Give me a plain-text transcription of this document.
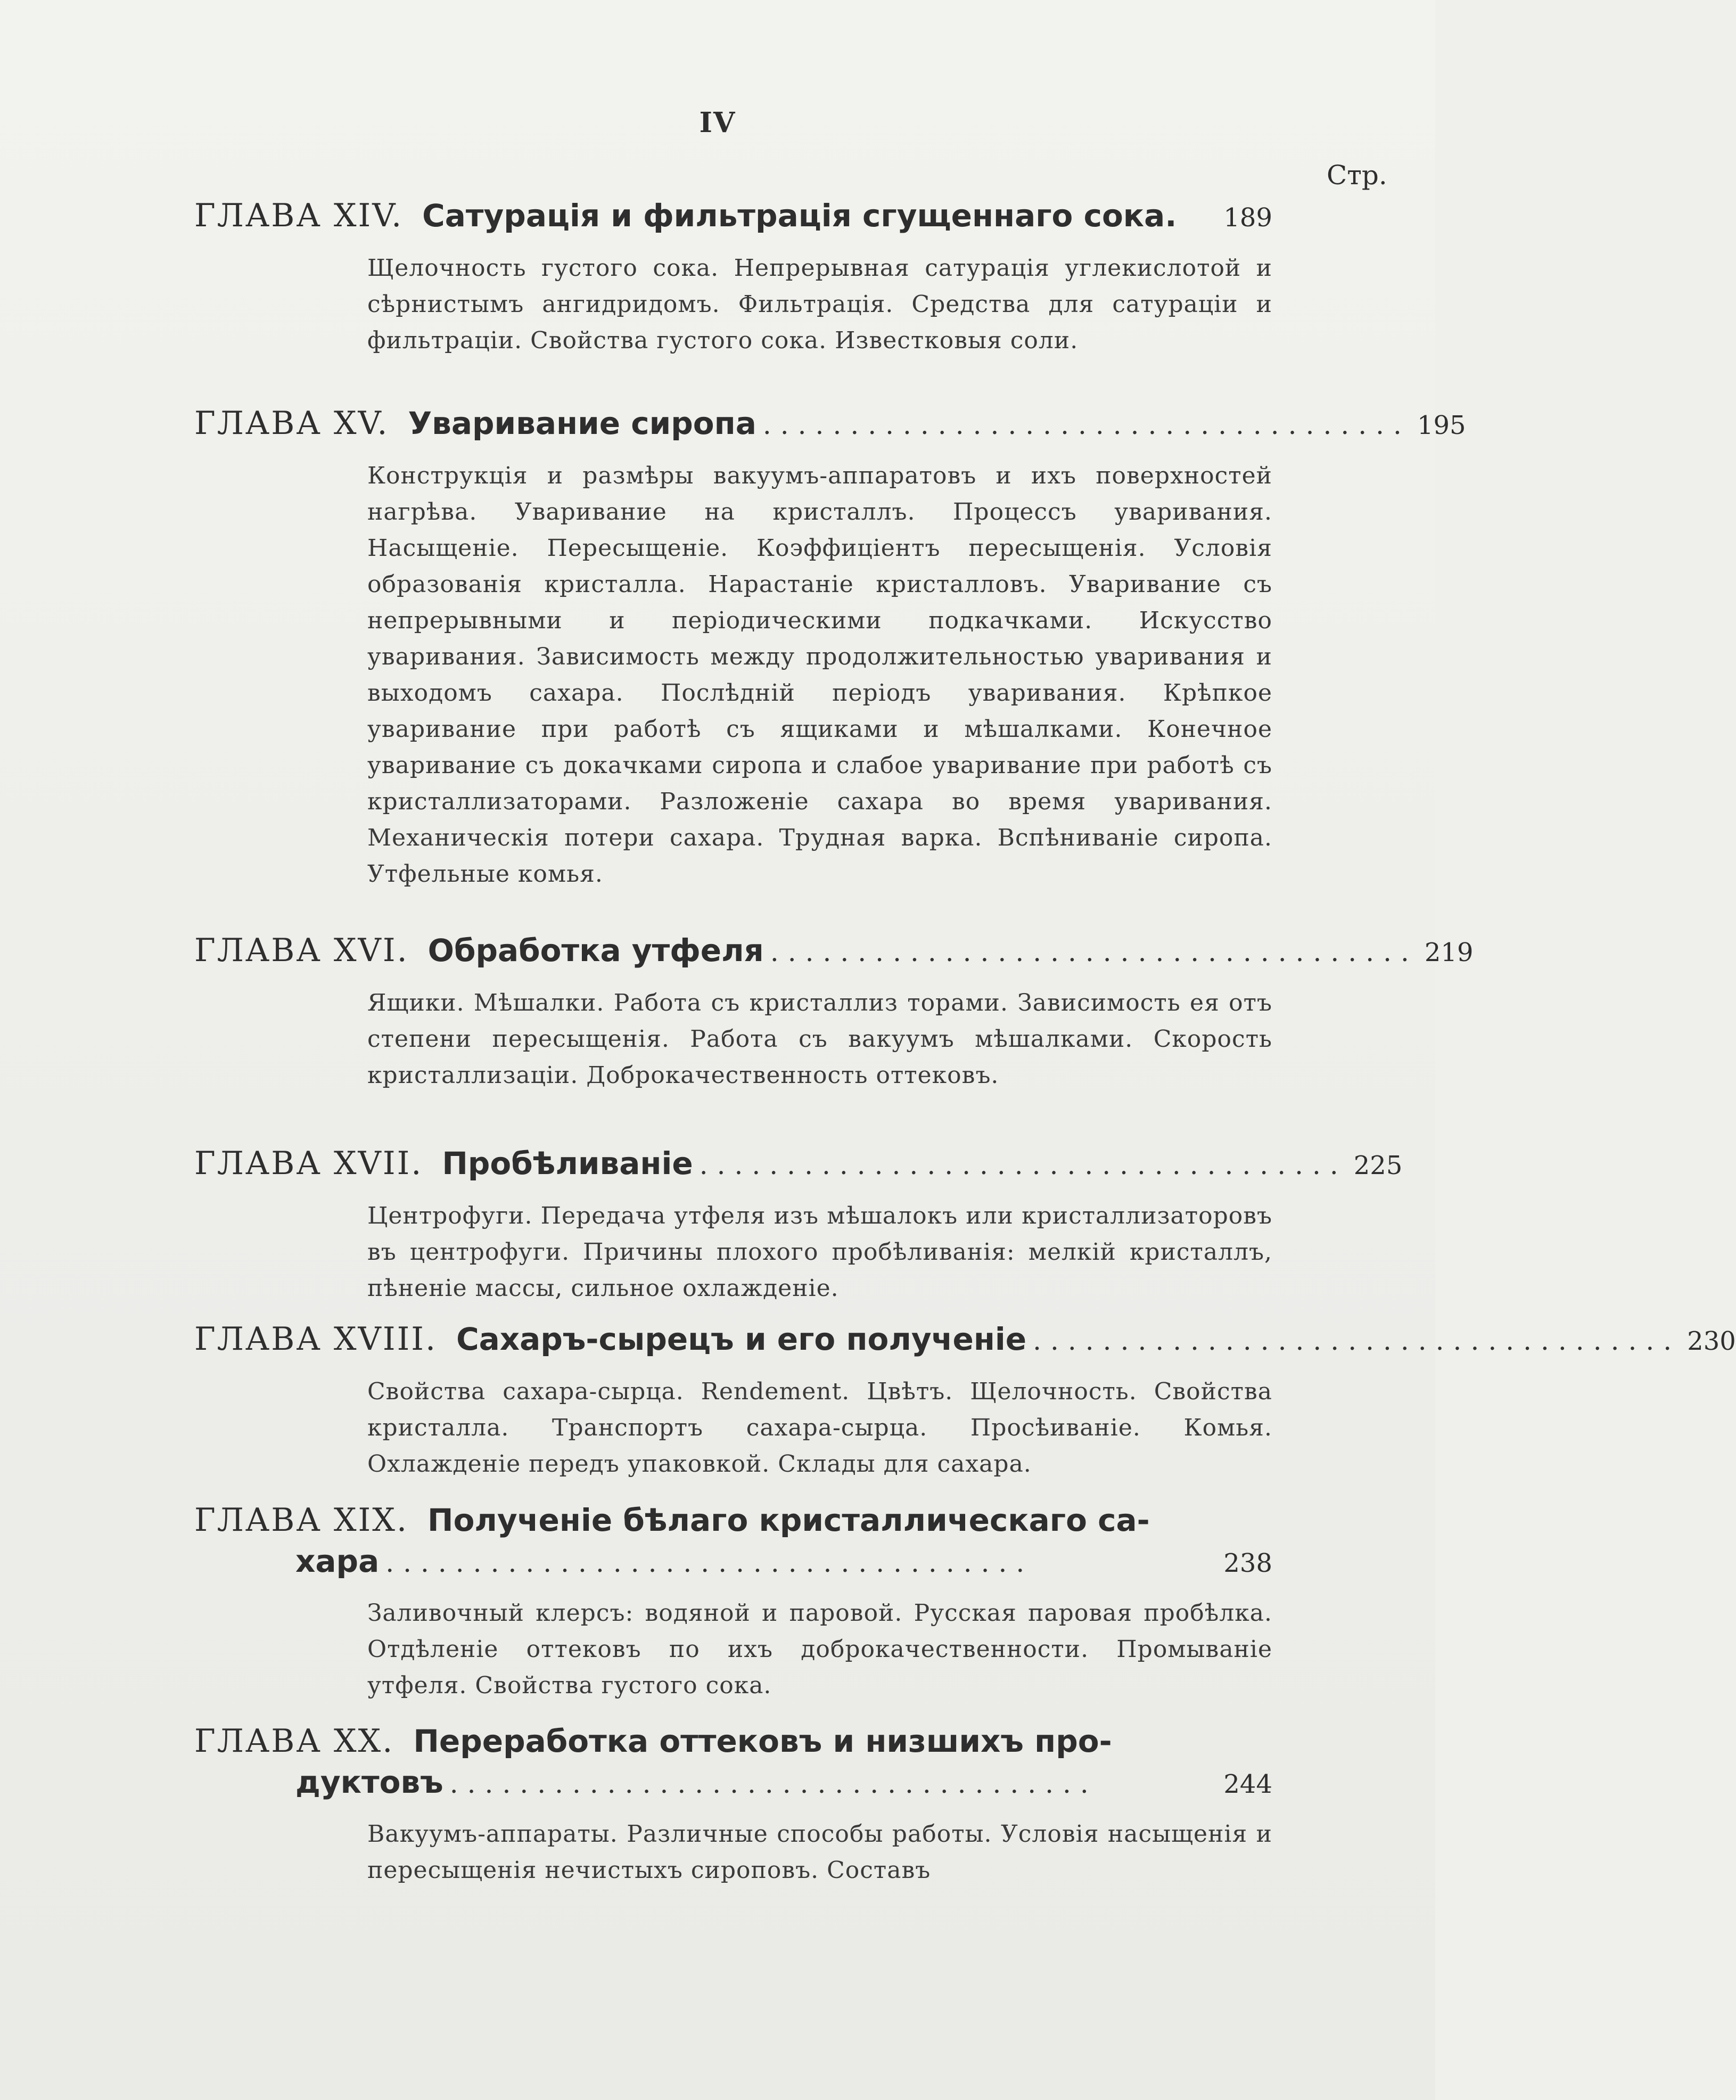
IV
Стр.
ГЛАВА XIV. Сатурація и фильтрація сгущеннаго сока. 189
Щелочность густого сока. Непрерывная сатурація углекислотой и сѣрнистымъ ангидридомъ. Фильтрація. Средства для сатураціи и фильтраціи. Свойства густого сока. Известковыя соли.
ГЛАВА XV. Уваривание сиропа ..................................... 195
Конструкція и размѣры вакуумъ-аппаратовъ и ихъ поверхностей нагрѣва. Уваривание на кристаллъ. Процессъ уваривания. Насыщеніе. Пересыщеніе. Коэффиціентъ пересыщенія. Условія образованія кристалла. Нарастаніе кристалловъ. Уваривание съ непрерывными и періодическими подкачками. Искусство уваривания. Зависимость между продолжительностью уваривания и выходомъ сахара. Послѣдній періодъ уваривания. Крѣпкое уваривание при работѣ съ ящиками и мѣшалками. Конечное уваривание съ докачками сиропа и слабое уваривание при работѣ съ кристаллизаторами. Разложеніе сахара во время уваривания. Механическія потери сахара. Трудная варка. Вспѣниваніе сиропа. Утфельные комья.
ГЛАВА XVI. Обработка утфеля ..................................... 219
Ящики. Мѣшалки. Работа съ кристаллиз торами. Зависимость ея отъ степени пересыщенія. Работа съ вакуумъ мѣшалками. Скорость кристаллизаціи. Доброкачественность оттековъ.
ГЛАВА XVII. Пробѣливаніе ..................................... 225
Центрофуги. Передача утфеля изъ мѣшалокъ или кристаллизаторовъ въ центрофуги. Причины плохого пробѣливанія: мелкій кристаллъ, пѣненіе массы, сильное охлажденіе.
ГЛАВА XVIII. Сахаръ-сырецъ и его полученіе ..................................... 230
Свойства сахара-сырца. Rendement. Цвѣтъ. Щелочность. Свойства кристалла. Транспортъ сахара-сырца. Просѣиваніе. Комья. Охлажденіе передъ упаковкой. Склады для сахара.
ГЛАВА XIX. Полученіе бѣлаго кристаллическаго са-
хара .....................................	238
Заливочный клерсъ: водяной и паровой. Русская паровая пробѣлка. Отдѣленіе оттековъ по ихъ доброкачественности. Промываніе утфеля. Свойства густого сока.
ГЛАВА XX. Переработка оттековъ и низшихъ про-
дуктовъ .....................................	244
Вакуумъ-аппараты. Различные способы работы. Условія насыщенія и пересыщенія нечистыхъ сироповъ. Составъ
